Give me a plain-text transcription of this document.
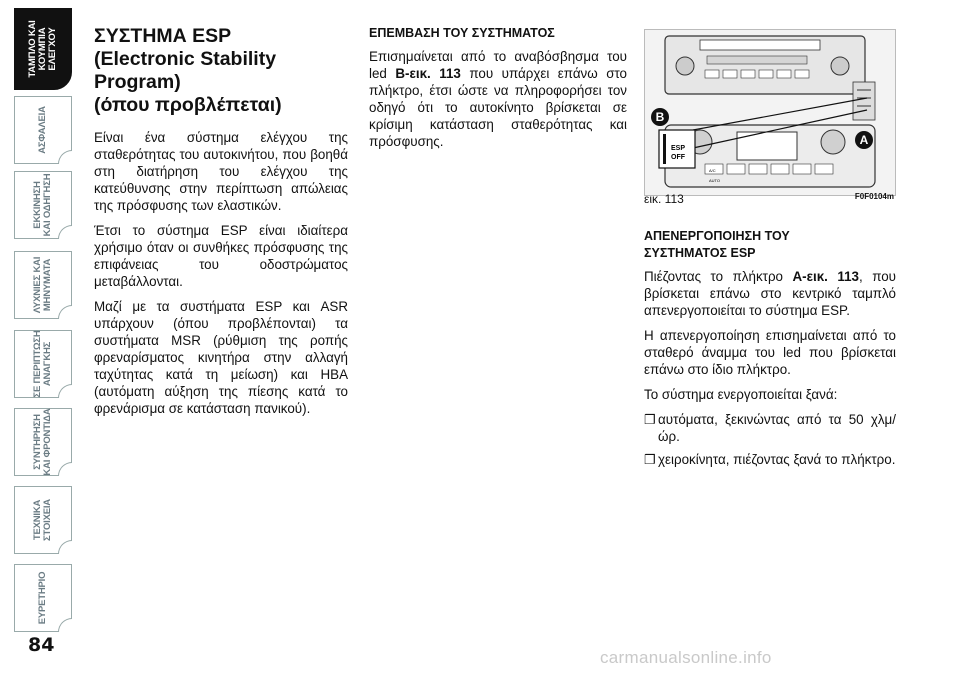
ΤΑΜΠΛΟ ΚΑΙ
ΚΟΥΜΠΙΑ
ΕΛΕΓΧΟΥ
ΑΣΦΑΛΕΙΑ
ΕΚΚΙΝΗΣΗ
ΚΑΙ ΟΔΗΓΗΣΗ
ΛΥΧΝΙΕΣ ΚΑΙ
ΜΗΝΥΜΑΤΑ
ΣΕ ΠΕΡΙΠΤΩΣΗ
ΑΝΑΓΚΗΣ
ΣΥΝΤΗΡΗΣΗ
ΚΑΙ ΦΡΟΝΤΙΔΑ
ΤΕΧΝΙΚΑ
ΣΤΟΙΧΕΙΑ
ΕΥΡΕΤΗΡΙΟ
84
ΣΥΣΤΗΜΑ ESP
(Electronic Stability
Program)
(όπου προβλέπεται)

Είναι ένα σύστημα ελέγχου της σταθερότητας του αυτοκινήτου, που βοηθά στη διατήρηση του ελέγχου της κατεύθυνσης στην περίπτωση απώλειας της πρόσφυσης των ελαστικών.

Έτσι το σύστημα ESP είναι ιδιαίτερα χρήσιμο όταν οι συνθήκες πρόσφυσης της επιφάνειας του οδοστρώματος μεταβάλλονται.

Μαζί με τα συστήματα ESP και ASR υπάρχουν (όπου προβλέπονται) τα συστήματα MSR (ρύθμιση της ροπής φρεναρίσματος κινητήρα στην αλλαγή ταχύτητας κατά τη μείωση) και HBA (αυτόματη αύξηση της πίεσης κατά το φρενάρισμα σε κατάσταση πανικού).

ΕΠΕΜΒΑΣΗ ΤΟΥ ΣΥΣΤΗΜΑΤΟΣ

Επισημαίνεται από το αναβόσβησμα του led B-εικ. 113 που υπάρχει επάνω στο πλήκτρο, έτσι ώστε να πληροφορήσει τον οδηγό ότι το αυτοκίνητο βρίσκεται σε κρίσιμη κατάσταση σταθερότητας και πρόσφυσης.

A/C
AUTO
ESP
OFF
B
A
εικ. 113	F0F0104m
ΑΠΕΝΕΡΓΟΠΟΙΗΣΗ ΤΟΥ
ΣΥΣΤΗΜΑΤΟΣ ESP

Πιέζοντας το πλήκτρο A-εικ. 113, που βρίσκεται επάνω στο κεντρικό ταμπλό απενεργοποιείται το σύστημα ESP.

Η απενεργοποίηση επισημαίνεται από το σταθερό άναμμα του led που βρίσκεται επάνω στο ίδιο πλήκτρο.

Το σύστημα ενεργοποιείται ξανά:

❒ αυτόματα, ξεκινώντας από τα 50 χλμ/ώρ.
❒ χειροκίνητα, πιέζοντας ξανά το πλήκτρο.
carmanualsonline.info
